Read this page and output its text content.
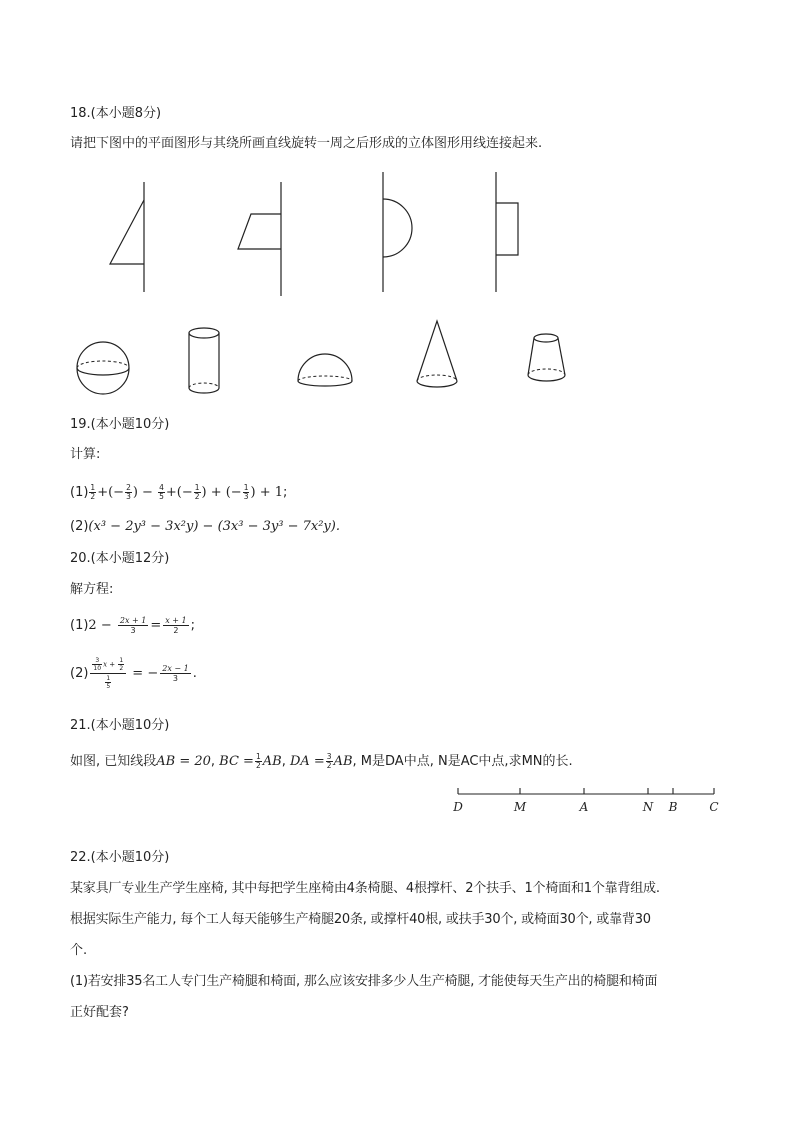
18.(本小题8分)
请把下图中的平面图形与其绕所画直线旋转一周之后形成的立体图形用线连接起来.
19.(本小题10分)
计算:
$(1) \frac{1}{2}$ +(− $\frac{2}{3}$ ) − $\frac{4}{5}$ +(− $\frac{1}{2}$ ) + (− $\frac{1}{3}$ ) + 1;
(2)(x³ − 2y³ − 3x²y) − (3x³ − 3y³ − 7x²y).
20.(本小题12分)
解方程:
$(1)2 - \frac{2x + 1}{3} = \frac{x + 1}{2}$ ;
$(2) \frac{\frac{3}{10} x + \frac{1}{2}}{\frac{1}{5}}$ = − $\frac{2x - 1}{3}$ .
21.(本小题10分)
如图, 已知线段AB = 20, BC = $\frac{1}{2}$ AB, DA = $\frac{3}{2}$ AB, M是DA中点, N是AC中点,求MN的长.
D	M	A	N B	C
22.(本小题10分)
某家具厂专业生产学生座椅, 其中每把学生座椅由4条椅腿、4根撑杆、2个扶手、1个椅面和1个靠背组成.
根据实际生产能力, 每个工人每天能够生产椅腿20条, 或撑杆40根, 或扶手30个, 或椅面30个, 或靠背30
个.
(1)若安排35名工人专门生产椅腿和椅面, 那么应该安排多少人生产椅腿, 才能使每天生产出的椅腿和椅面
正好配套?
